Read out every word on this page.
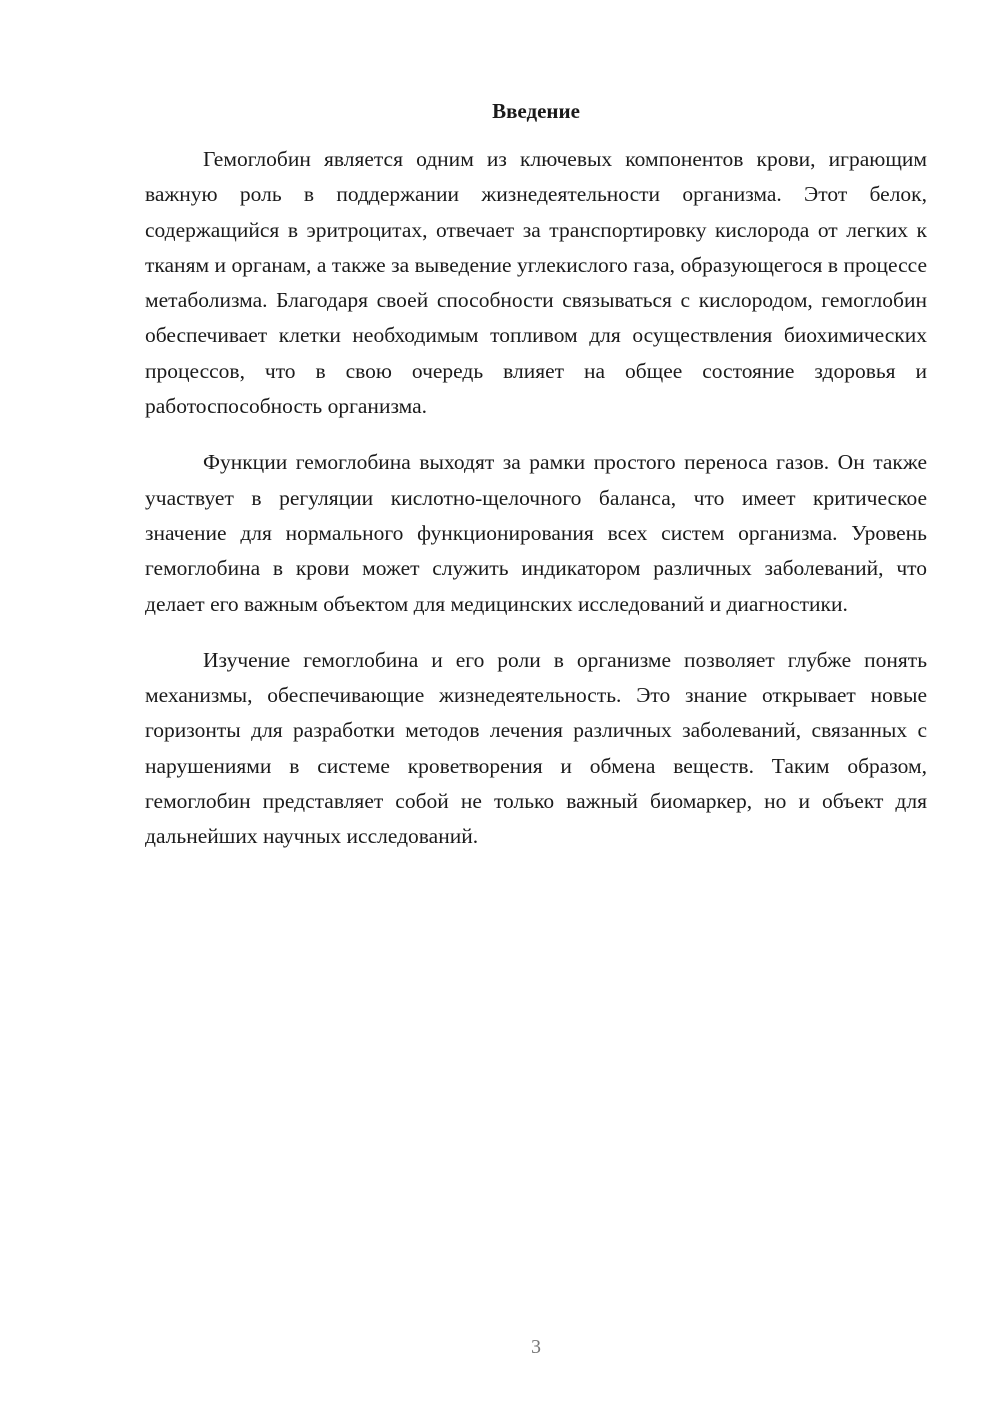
Введение

Гемоглобин является одним из ключевых компонентов крови, играющим важную роль в поддержании жизнедеятельности организма. Этот белок, содержащийся в эритроцитах, отвечает за транспортировку кислорода от легких к тканям и органам, а также за выведение углекислого газа, образующегося в процессе метаболизма. Благодаря своей способности связываться с кислородом, гемоглобин обеспечивает клетки необходимым топливом для осуществления биохимических процессов, что в свою очередь влияет на общее состояние здоровья и работоспособность организма.

Функции гемоглобина выходят за рамки простого переноса газов. Он также участвует в регуляции кислотно-щелочного баланса, что имеет критическое значение для нормального функционирования всех систем организма. Уровень гемоглобина в крови может служить индикатором различных заболеваний, что делает его важным объектом для медицинских исследований и диагностики.

Изучение гемоглобина и его роли в организме позволяет глубже понять механизмы, обеспечивающие жизнедеятельность. Это знание открывает новые горизонты для разработки методов лечения различных заболеваний, связанных с нарушениями в системе кроветворения и обмена веществ. Таким образом, гемоглобин представляет собой не только важный биомаркер, но и объект для дальнейших научных исследований.

3
